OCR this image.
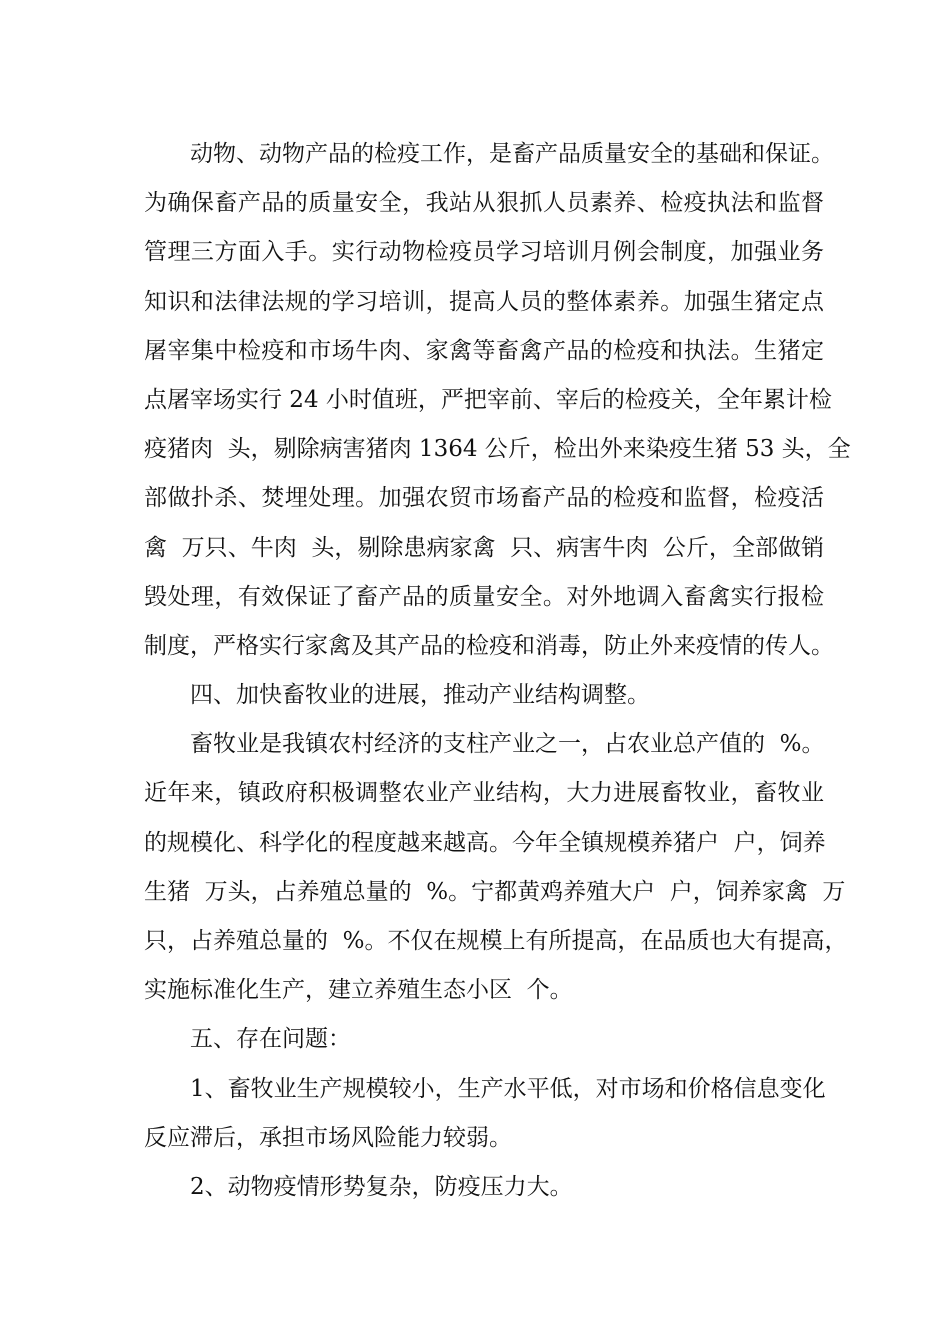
动物、动物产品的检疫工作，是畜产品质量安全的基础和保证。
为确保畜产品的质量安全，我站从狠抓人员素养、检疫执法和监督
管理三方面入手。实行动物检疫员学习培训月例会制度，加强业务
知识和法律法规的学习培训，提高人员的整体素养。加强生猪定点
屠宰集中检疫和市场牛肉、家禽等畜禽产品的检疫和执法。生猪定
点屠宰场实行 24 小时值班，严把宰前、宰后的检疫关，全年累计检
疫猪肉  头，剔除病害猪肉 1364 公斤，检出外来染疫生猪 53 头，全
部做扑杀、焚埋处理。加强农贸市场畜产品的检疫和监督，检疫活
禽  万只、牛肉  头，剔除患病家禽  只、病害牛肉  公斤，全部做销
毁处理，有效保证了畜产品的质量安全。对外地调入畜禽实行报检
制度，严格实行家禽及其产品的检疫和消毒，防止外来疫情的传人。
四、加快畜牧业的进展，推动产业结构调整。
畜牧业是我镇农村经济的支柱产业之一，占农业总产值的  %。
近年来，镇政府积极调整农业产业结构，大力进展畜牧业，畜牧业
的规模化、科学化的程度越来越高。今年全镇规模养猪户  户，饲养
生猪  万头，占养殖总量的  %。宁都黄鸡养殖大户  户，饲养家禽  万
只，占养殖总量的  %。不仅在规模上有所提高，在品质也大有提高，
实施标准化生产，建立养殖生态小区  个。
五、存在问题：
1、畜牧业生产规模较小，生产水平低，对市场和价格信息变化
反应滞后，承担市场风险能力较弱。
2、动物疫情形势复杂，防疫压力大。
